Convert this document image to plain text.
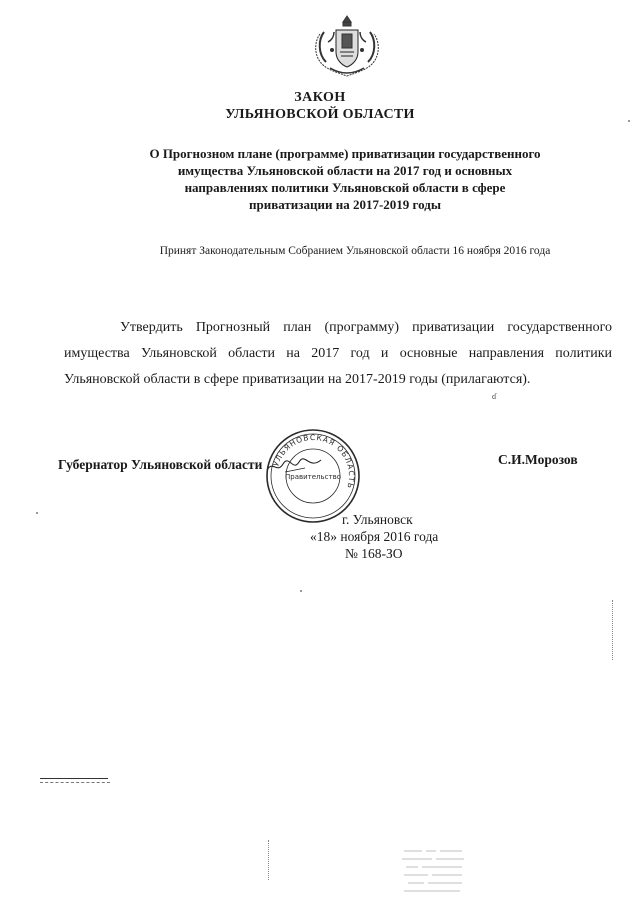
ЗАКОН
УЛЬЯНОВСКОЙ ОБЛАСТИ
О Прогнозном плане (программе) приватизации государственного
имущества Ульяновской области на 2017 год и основных
направлениях политики Ульяновской области в сфере
приватизации на 2017-2019 годы
Принят Законодательным Собранием Ульяновской области 16 ноября 2016 года
Утвердить Прогнозный план (программу) приватизации государственного имущества Ульяновской области на 2017 год и основные направления политики Ульяновской области в сфере приватизации на 2017-2019 годы (прилагаются).
ɗ
УЛЬЯНОВСКАЯ ОБЛАСТЬ
Правительство
Губернатор Ульяновской области	С.И.Морозов
г. Ульяновск
«18» ноября 2016 года
№ 168-ЗО
